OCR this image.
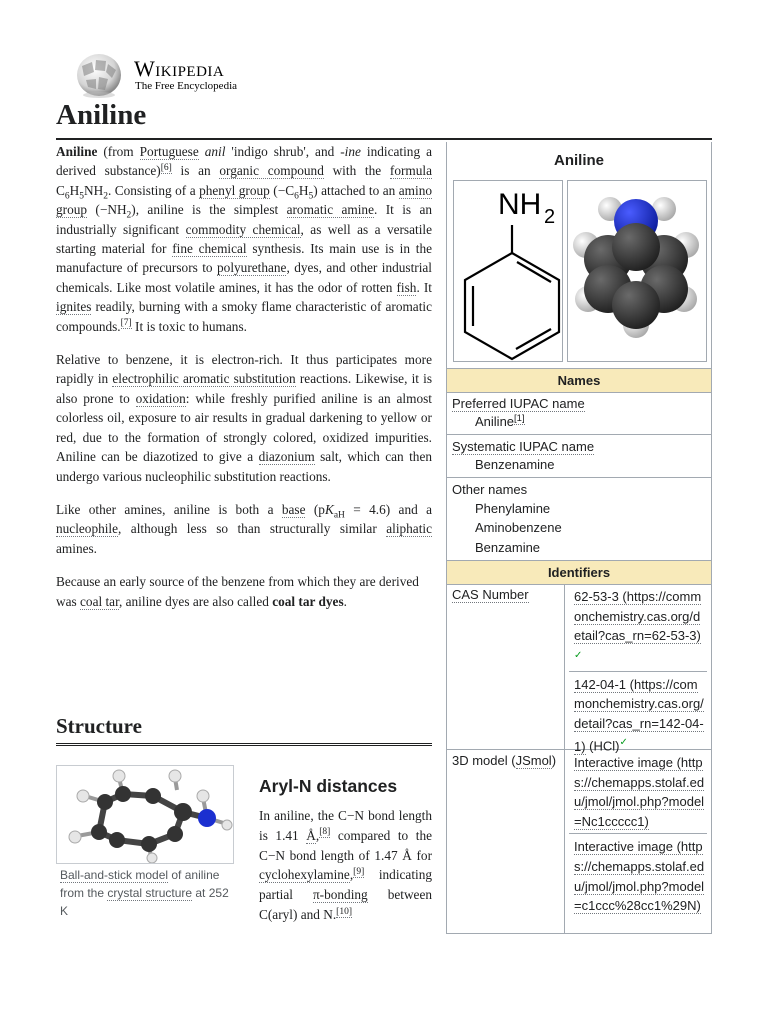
Wikipedia
The Free Encyclopedia
Aniline

Aniline (from Portuguese anil 'indigo shrub', and -ine indicating a derived substance)[6] is an organic compound with the formula $C_6H_5NH_2$. Consisting of a phenyl group $(-C_6H_5)$ attached to an amino group $(-NH_2)$, aniline is the simplest aromatic amine. It is an industrially significant commodity chemical, as well as a versatile starting material for fine chemical synthesis. Its main use is in the manufacture of precursors to polyurethane, dyes, and other industrial chemicals. Like most volatile amines, it has the odor of rotten fish. It ignites readily, burning with a smoky flame characteristic of aromatic compounds.[7] It is toxic to humans.

Relative to benzene, it is electron-rich. It thus participates more rapidly in electrophilic aromatic substitution reactions. Likewise, it is also prone to oxidation: while freshly purified aniline is an almost colorless oil, exposure to air results in gradual darkening to yellow or red, due to the formation of strongly colored, oxidized impurities. Aniline can be diazotized to give a diazonium salt, which can then undergo various nucleophilic substitution reactions.

Like other amines, aniline is both a base $(pK_{aH} = 4.6)$ and a nucleophile, although less so than structurally similar aliphatic amines.

Because an early source of the benzene from which they are derived was coal tar, aniline dyes are also called coal tar dyes.

Structure
Ball-and-stick model of aniline from the crystal structure at 252 K
Aryl-N distances

In aniline, the C−N bond length is 1.41 Å,[8] compared to the C−N bond length of 1.47 Å for cyclohexylamine,[9] indicating partial π-bonding between C(aryl) and N.[10]

Aniline
NH 2
Names
Preferred IUPAC name
Aniline[1]
Systematic IUPAC name
Benzenamine
Other names
Phenylamine
Aminobenzene
Benzamine
Identifiers
CAS Number	62-53-3 (https://commonchemistry.cas.org/detail?cas_rn=62-53-3)✓
142-04-1 (https://commonchemistry.cas.org/detail?cas_rn=142-04-1) (HCl)✓
3D model (JSmol)	Interactive image (https://chemapps.stolaf.edu/jmol/jmol.php?model=Nc1ccccc1)
Interactive image (https://chemapps.stolaf.edu/jmol/jmol.php?model=c1ccc%28cc1%29N)
